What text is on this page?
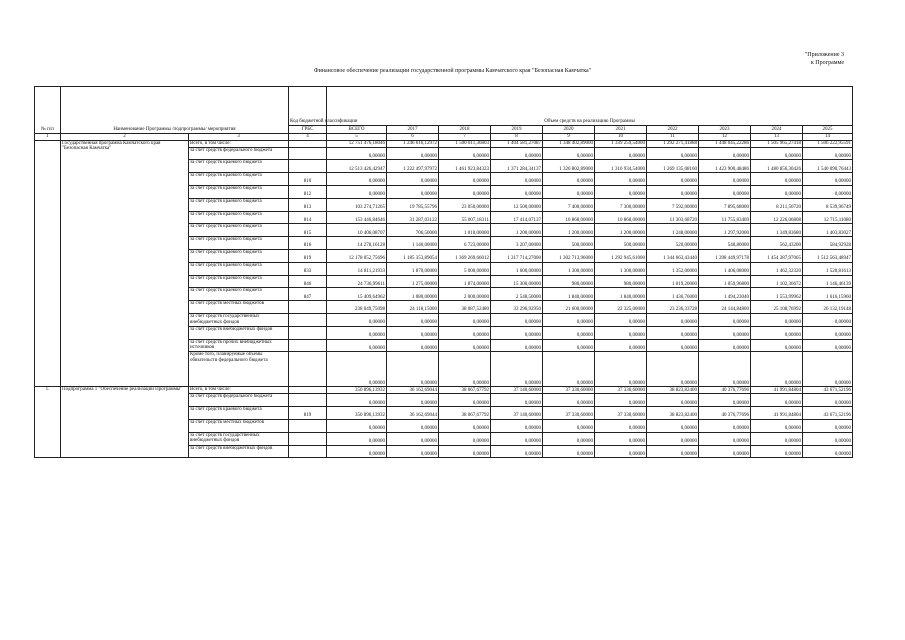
"Приложение 3
к Программе
Финансовое обеспечение реализации государственной программы Камчатского края "Безопасная Камчатка"
№ п/п	Наименование Программы /подпрограммы/ мероприятия		Код бюджетной классификации	Объем средств на реализацию Программы									
			ГРБС	ВСЕГО	2017	2018	2019	2020	2021	2022	2023	2024	2025
1	2	3	4	5	6	7	8	9	10	11	12	13	14
	Государственная программа Камчатского края "Безопасная Камчатка"	Всего, в том числе:		12 751 476,18046	1 246 616,12972	1 500 011,36803	1 404 581,27087	1 348 402,89000	1 339 259,54000	1 292 271,41888	1 448 045,22286	1 505 965,27418	1 506 222,95591
		за счет средств федерального бюджета		0,00000	0,00000	0,00000	0,00000	0,00000	0,00000	0,00000	0,00000	0,00000	0,00000
		за счет средств краевого бюджета		12 513 426,42947	1 222 497,97972	1 461 923,84323	1 371 284,34137	1 326 802,89000	1 316 934,54000	1 269 135,08160	1 423 900,48486	1 480 856,30426	1 540 090,76443
		за счет средств краевого бюджета	810	0,00000	0,00000	0,00000	0,00000	0,00000	0,00000	0,00000	0,00000	0,00000	0,00000
		за счет средств краевого бюджета	812	0,00000	0,00000	0,00000	0,00000	0,00000	0,00000	0,00000	0,00000	0,00000	0,00000
		за счет средств краевого бюджета	813	103 274,71265	19 785,55796	23 050,00000	12 500,00000	7 400,00000	7 300,00000	7 592,00000	7 895,68000	8 211,50720	8 539,96749
		за счет средств краевого бюджета	814	153 446,84646	31 287,03122	55 007,18311	17 414,07137	10 868,00000	10 868,00000	11 303,68720	11 755,83469	12 226,06808	12 715,11080
		за счет средств краевого бюджета	815	10 406,08707	706,50000	1 010,00000	1 200,00000	1 200,00000	1 200,00000	1 248,00000	1 297,92000	1 349,83680	1 403,83027
		за счет средств краевого бюджета	816	14 278,16128	1 140,00000	6 723,00000	3 207,00000	500,00000	500,00000	520,00000	540,80000	562,43200	584,92928
		за счет средств краевого бюджета	819	12 178 052,75696	1 185 353,89054	1 369 269,66012	1 317 714,27000	1 302 713,96000	1 292 945,61000	1 344 663,43440	1 398 449,97178	1 454 387,97065	1 512 563,48947
		за счет средств краевого бюджета	833	14 811,21933	1 870,00000	5 000,00000	1 600,00000	1 300,00000	1 300,00000	1 352,00000	1 406,08000	1 462,32320	1 520,81613
		за счет средств краевого бюджета	846	24 736,99611	1 275,00000	1 874,00000	15 300,00000	980,00000	980,00000	1 019,20000	1 059,96800	1 102,36672	1 146,46139
		за счет средств краевого бюджета	847	15 409,64962	1 080,00000	2 000,00000	2 548,50000	1 840,00000	1 840,00000	1 436,76000	1 494,23040	1 553,99962	1 616,15960
		за счет средств местных бюджетов		238 049,75098	24 118,15000	38 087,52480	33 296,92950	21 600,00000	22 325,00000	23 236,33728	24 144,84800	25 108,76992	26 132,19148
		за счет средств государственных внебюджетных фондов		0,00000	0,00000	0,00000	0,00000	0,00000	0,00000	0,00000	0,00000	0,00000	0,00000
		за счет средств внебюджетных фондов		0,00000	0,00000	0,00000	0,00000	0,00000	0,00000	0,00000	0,00000	0,00000	0,00000
		за счет средств прочих внебюджетных источников		0,00000	0,00000	0,00000	0,00000	0,00000	0,00000	0,00000	0,00000	0,00000	0,00000
		Кроме того, планируемые объемы обязательств федерального бюджета		0,00000	0,00000	0,00000	0,00000	0,00000	0,00000	0,00000	0,00000	0,00000	0,00000
1.	Подпрограмма 1 "Обеспечение реализации Программы"	Всего, в том числе:		350 896,13932	36 162,69044	38 067,67792	37 140,60000	37 330,60000	37 330,60000	38 823,82400	40 376,77696	41 991,84804	43 671,52196
		за счет средств федерального бюджета		0,00000	0,00000	0,00000	0,00000	0,00000	0,00000	0,00000	0,00000	0,00000	0,00000
		за счет средств краевого бюджета	819	350 896,13932	36 162,69044	38 067,67792	37 140,60000	37 330,60000	37 330,60000	38 823,82400	40 376,77696	41 991,84804	43 671,52196
		за счет средств местных бюджетов		0,00000	0,00000	0,00000	0,00000	0,00000	0,00000	0,00000	0,00000	0,00000	0,00000
		за счет средств государственных внебюджетных фондов		0,00000	0,00000	0,00000	0,00000	0,00000	0,00000	0,00000	0,00000	0,00000	0,00000
		за счет средств внебюджетных фондов		0,00000	0,00000	0,00000	0,00000	0,00000	0,00000	0,00000	0,00000	0,00000	0,00000
